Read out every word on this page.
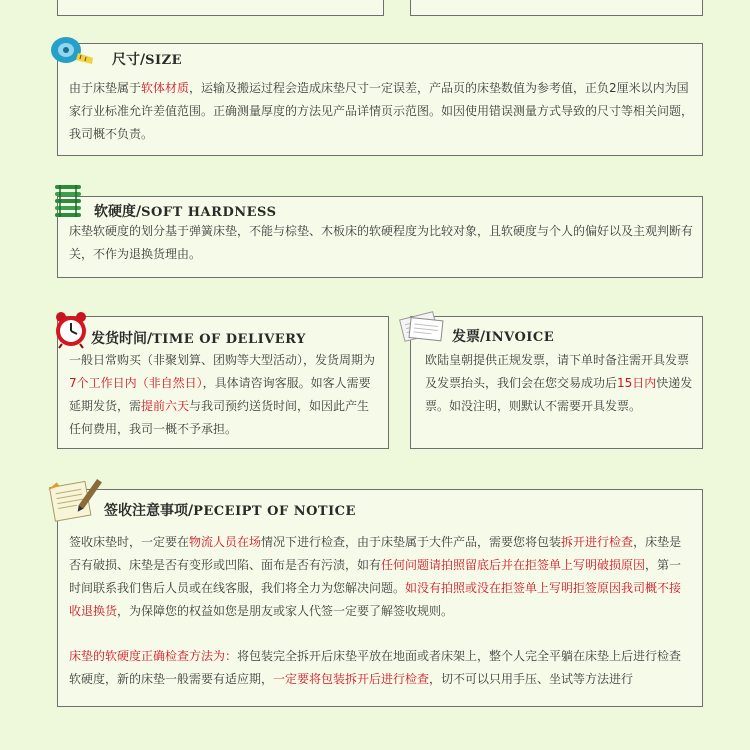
尺寸/SIZE

由于床垫属于软体材质，运输及搬运过程会造成床垫尺寸一定误差，产品页的床垫数值为参考值，正负2厘米以内为国家行业标准允许差值范围。正确测量厚度的方法见产品详情页示范图。如因使用错误测量方式导致的尺寸等相关问题，我司概不负责。

软硬度/SOFT HARDNESS

床垫软硬度的划分基于弹簧床垫，不能与棕垫、木板床的软硬程度为比较对象，且软硬度与个人的偏好以及主观判断有关，不作为退换货理由。

发货时间/TIME OF DELIVERY

一般日常购买（非聚划算、团购等大型活动），发货周期为7个工作日内（非自然日），具体请咨询客服。如客人需要延期发货，需提前六天与我司预约送货时间，如因此产生任何费用，我司一概不予承担。

发票/INVOICE

欧陆皇朝提供正规发票，请下单时备注需开具发票及发票抬头，我们会在您交易成功后15日内快递发票。如没注明，则默认不需要开具发票。

签收注意事项/PECEIPT OF NOTICE

签收床垫时，一定要在物流人员在场情况下进行检查，由于床垫属于大件产品，需要您将包装拆开进行检查，床垫是否有破损、床垫是否有变形或凹陷、面布是否有污渍，如有任何问题请拍照留底后并在拒签单上写明破损原因，第一时间联系我们售后人员或在线客服，我们将全力为您解决问题。如没有拍照或没在拒签单上写明拒签原因我司概不接收退换货，为保障您的权益如您是朋友或家人代签一定要了解签收规则。

床垫的软硬度正确检查方法为：将包装完全拆开后床垫平放在地面或者床架上，整个人完全平躺在床垫上后进行检查软硬度，新的床垫一般需要有适应期，一定要将包装拆开后进行检查，切不可以只用手压、坐试等方法进行
